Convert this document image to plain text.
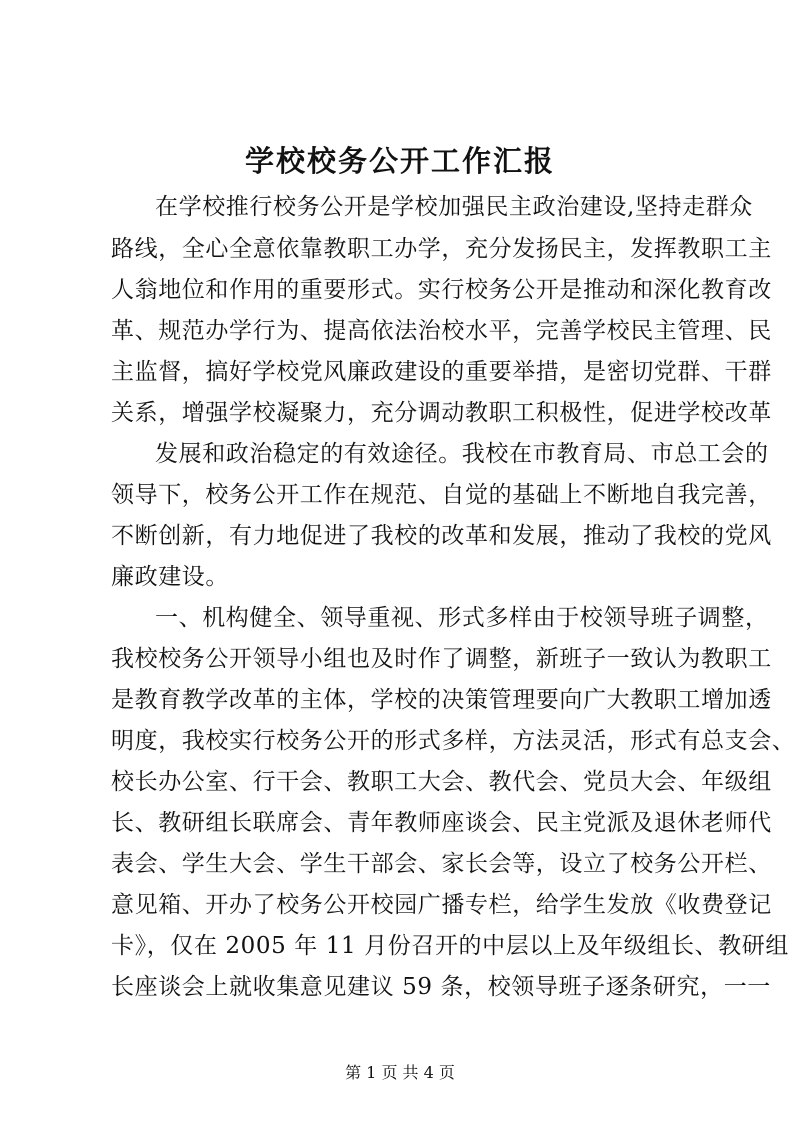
学校校务公开工作汇报
在学校推行校务公开是学校加强民主政治建设,坚持走群众
路线，全心全意依靠教职工办学，充分发扬民主，发挥教职工主
人翁地位和作用的重要形式。实行校务公开是推动和深化教育改
革、规范办学行为、提高依法治校水平，完善学校民主管理、民
主监督，搞好学校党风廉政建设的重要举措，是密切党群、干群
关系，增强学校凝聚力，充分调动教职工积极性，促进学校改革
发展和政治稳定的有效途径。我校在市教育局、市总工会的
领导下，校务公开工作在规范、自觉的基础上不断地自我完善，
不断创新，有力地促进了我校的改革和发展，推动了我校的党风
廉政建设。
一、机构健全、领导重视、形式多样由于校领导班子调整，
我校校务公开领导小组也及时作了调整，新班子一致认为教职工
是教育教学改革的主体，学校的决策管理要向广大教职工增加透
明度，我校实行校务公开的形式多样，方法灵活，形式有总支会、
校长办公室、行干会、教职工大会、教代会、党员大会、年级组
长、教研组长联席会、青年教师座谈会、民主党派及退休老师代
表会、学生大会、学生干部会、家长会等，设立了校务公开栏、
意见箱、开办了校务公开校园广播专栏，给学生发放《收费登记
卡》，仅在 2005 年 11 月份召开的中层以上及年级组长、教研组
长座谈会上就收集意见建议 59 条，校领导班子逐条研究，一一
第 1 页 共 4 页
